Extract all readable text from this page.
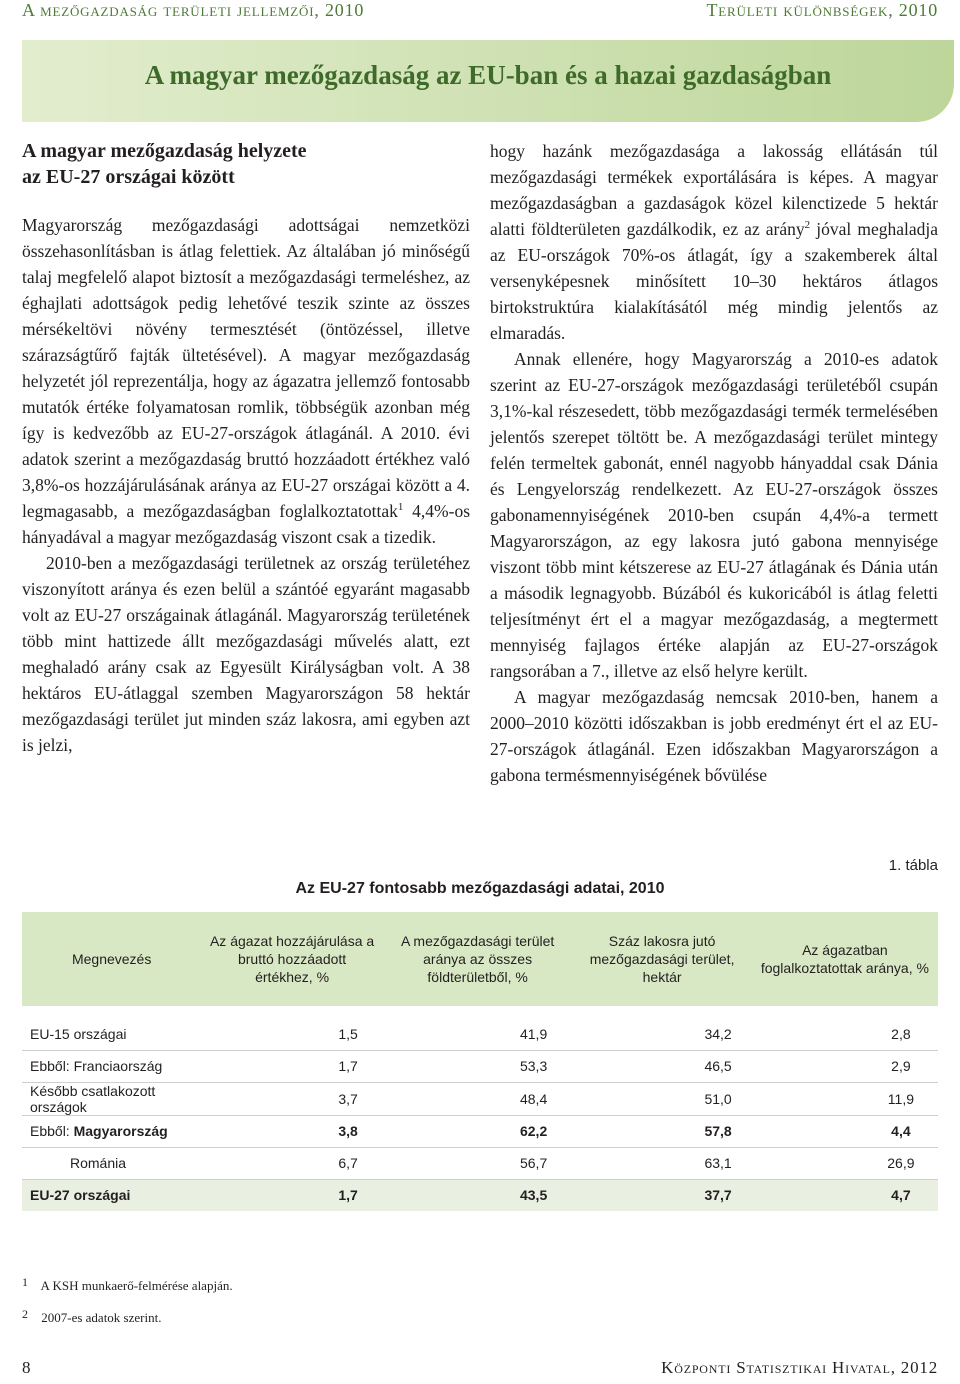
A mezőgazdaság területi jellemzői, 2010	Területi különbségek, 2010
A magyar mezőgazdaság az EU-ban és a hazai gazdaságban
A magyar mezőgazdaság helyzete
az EU-27 országai között

Magyarország mezőgazdasági adottságai nemzetközi összehasonlításban is átlag felettiek. Az általában jó minőségű talaj megfelelő alapot biztosít a mezőgazdasági termeléshez, az éghajlati adottságok pedig lehetővé teszik szinte az összes mérsékeltövi növény termesztését (öntözéssel, illetve szárazságtűrő fajták ültetésével). A magyar mezőgazdaság helyzetét jól reprezentálja, hogy az ágazatra jellemző fontosabb mutatók értéke folyamatosan romlik, többségük azonban még így is kedvezőbb az EU-27-országok átlagánál. A 2010. évi adatok szerint a mezőgazdaság bruttó hozzáadott értékhez való 3,8%-os hozzájárulásának aránya az EU-27 országai között a 4. legmagasabb, a mezőgazdaságban foglalkoztatottak$^1$ 4,4%-os hányadával a magyar mezőgazdaság viszont csak a tizedik.

2010-ben a mezőgazdasági területnek az ország területéhez viszonyított aránya és ezen belül a szántóé egyaránt magasabb volt az EU-27 országainak átlagánál. Magyarország területének több mint hattizede állt mezőgazdasági művelés alatt, ezt meghaladó arány csak az Egyesült Királyságban volt. A 38 hektáros EU-átlaggal szemben Magyarországon 58 hektár mezőgazdasági terület jut minden száz lakosra, ami egyben azt is jelzi,

hogy hazánk mezőgazdasága a lakosság ellátásán túl mezőgazdasági termékek exportálására is képes. A magyar mezőgazdaságban a gazdaságok közel kilenctizede 5 hektár alatti földterületen gazdálkodik, ez az arány$^2$ jóval meghaladja az EU-országok 70%-os átlagát, így a szakemberek által versenyképesnek minősített 10–30 hektáros átlagos birtokstruktúra kialakításától még mindig jelentős az elmaradás.

Annak ellenére, hogy Magyarország a 2010-es adatok szerint az EU-27-országok mezőgazdasági területéből csupán 3,1%-kal részesedett, több mezőgazdasági termék termelésében jelentős szerepet töltött be. A mezőgazdasági terület mintegy felén termeltek gabonát, ennél nagyobb hányaddal csak Dánia és Lengyelország rendelkezett. Az EU-27-országok összes gabonamennyiségének 2010-ben csupán 4,4%-a termett Magyarországon, az egy lakosra jutó gabona mennyisége viszont több mint kétszerese az EU-27 átlagának és Dánia után a második legnagyobb. Búzából és kukoricából is átlag feletti teljesítményt ért el a magyar mezőgazdaság, a megtermett mennyiség fajlagos értéke alapján az EU-27-országok rangsorában a 7., illetve az első helyre került.

A magyar mezőgazdaság nemcsak 2010-ben, hanem a 2000–2010 közötti időszakban is jobb eredményt ért el az EU-27-országok átlagánál. Ezen időszakban Magyarországon a gabona termésmennyiségének bővülése

1. tábla
Az EU-27 fontosabb mezőgazdasági adatai, 2010
Megnevezés	Az ágazat hozzájárulása a bruttó hozzáadott értékhez, %	A mezőgazdasági terület aránya az összes földterületből, %	Száz lakosra jutó mezőgazdasági terület, hektár	Az ágazatban foglalkoztatottak aránya, %

EU-15 országai	1,5	41,9	34,2	2,8
Ebből: Franciaország	1,7	53,3	46,5	2,9
Később csatlakozott országok	3,7	48,4	51,0	11,9
Ebből: Magyarország	3,8	62,2	57,8	4,4
Románia	6,7	56,7	63,1	26,9
EU-27 országai	1,7	43,5	37,7	4,7
1 A KSH munkaerő-felmérése alapján.
2 2007-es adatok szerint.
8	Központi Statisztikai Hivatal, 2012
